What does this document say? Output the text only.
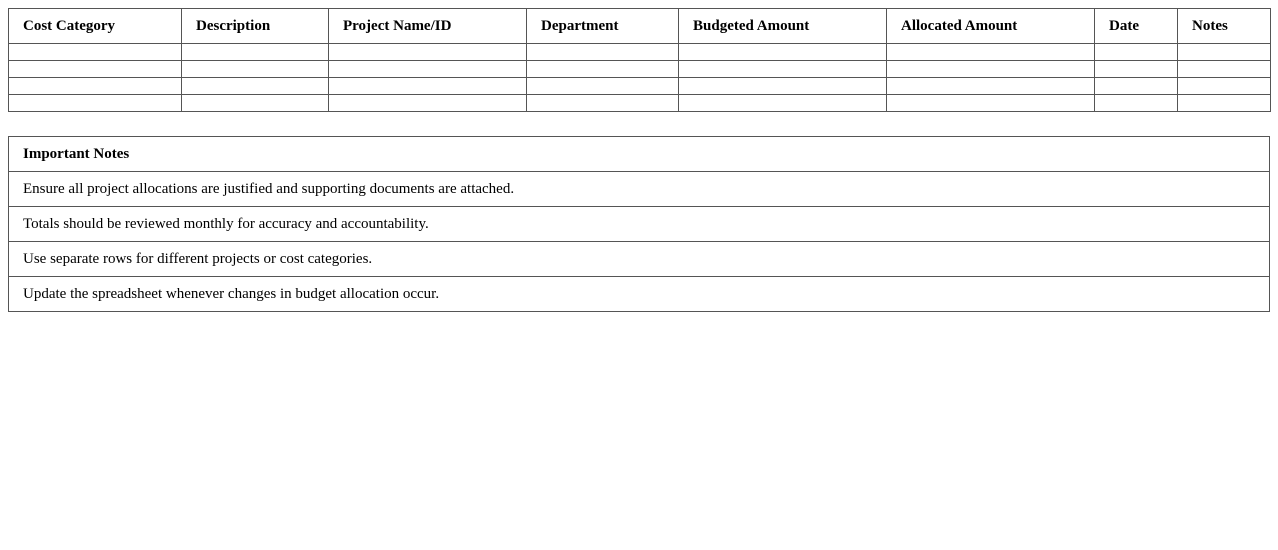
Cost Category	Description	Project Name/ID	Department	Budgeted Amount	Allocated Amount	Date	Notes

Important Notes
Ensure all project allocations are justified and supporting documents are attached.
Totals should be reviewed monthly for accuracy and accountability.
Use separate rows for different projects or cost categories.
Update the spreadsheet whenever changes in budget allocation occur.
